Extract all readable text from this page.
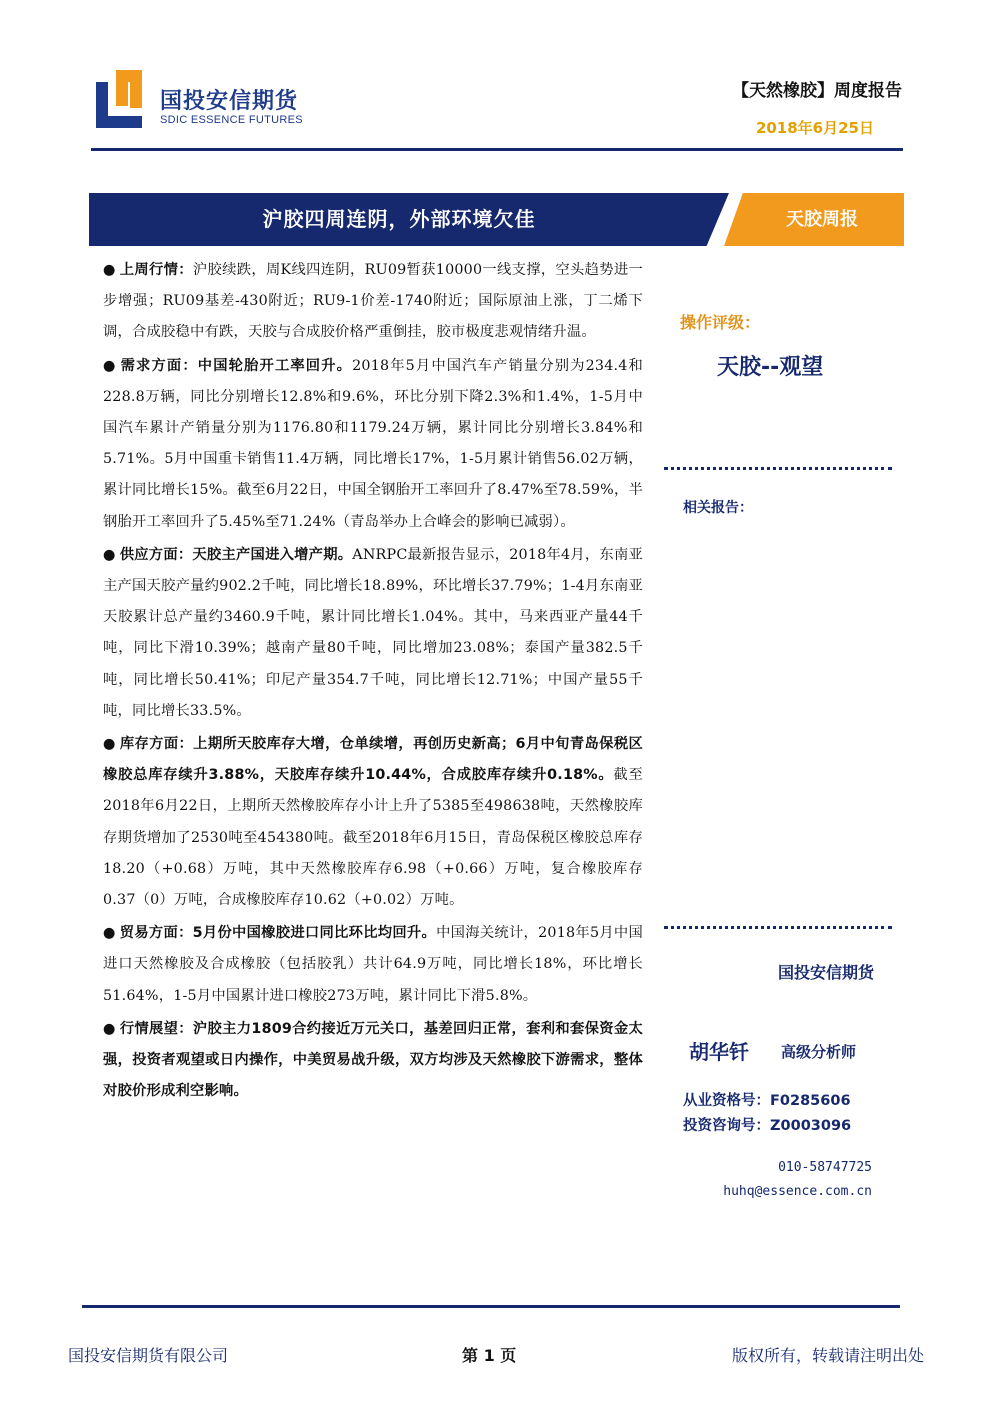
国投安信期货
SDIC ESSENCE FUTURES
【天然橡胶】周度报告
2018年6月25日
沪胶四周连阴，外部环境欠佳	天胶周报

● 上周行情：沪胶续跌，周K线四连阴，RU09暂获10000一线支撑，空头趋势进一步增强；RU09基差-430附近；RU9-1价差-1740附近；国际原油上涨，丁二烯下调，合成胶稳中有跌，天胶与合成胶价格严重倒挂，胶市极度悲观情绪升温。

● 需求方面：中国轮胎开工率回升。2018年5月中国汽车产销量分别为234.4和228.8万辆，同比分别增长12.8%和9.6%，环比分别下降2.3%和1.4%，1-5月中国汽车累计产销量分别为1176.80和1179.24万辆，累计同比分别增长3.84%和5.71%。5月中国重卡销售11.4万辆，同比增长17%，1-5月累计销售56.02万辆，累计同比增长15%。截至6月22日，中国全钢胎开工率回升了8.47%至78.59%，半钢胎开工率回升了5.45%至71.24%（青岛举办上合峰会的影响已减弱）。

● 供应方面：天胶主产国进入增产期。ANRPC最新报告显示，2018年4月，东南亚主产国天胶产量约902.2千吨，同比增长18.89%，环比增长37.79%；1-4月东南亚天胶累计总产量约3460.9千吨，累计同比增长1.04%。其中，马来西亚产量44千吨，同比下滑10.39%；越南产量80千吨，同比增加23.08%；泰国产量382.5千吨，同比增长50.41%；印尼产量354.7千吨，同比增长12.71%；中国产量55千吨，同比增长33.5%。

● 库存方面：上期所天胶库存大增，仓单续增，再创历史新高；6月中旬青岛保税区橡胶总库存续升3.88%，天胶库存续升10.44%，合成胶库存续升0.18%。截至2018年6月22日，上期所天然橡胶库存小计上升了5385至498638吨，天然橡胶库存期货增加了2530吨至454380吨。截至2018年6月15日，青岛保税区橡胶总库存18.20（+0.68）万吨，其中天然橡胶库存6.98（+0.66）万吨，复合橡胶库存0.37（0）万吨，合成橡胶库存10.62（+0.02）万吨。

● 贸易方面：5月份中国橡胶进口同比环比均回升。中国海关统计，2018年5月中国进口天然橡胶及合成橡胶（包括胶乳）共计64.9万吨，同比增长18%，环比增长51.64%，1-5月中国累计进口橡胶273万吨，累计同比下滑5.8%。

● 行情展望：沪胶主力1809合约接近万元关口，基差回归正常，套利和套保资金太强，投资者观望或日内操作，中美贸易战升级，双方均涉及天然橡胶下游需求，整体对胶价形成利空影响。

操作评级：
天胶--观望
相关报告：
国投安信期货
胡华钎 高级分析师
从业资格号：F0285606
投资咨询号：Z0003096
010-58747725
huhq@essence.com.cn
国投安信期货有限公司	第 1 页	版权所有，转载请注明出处
